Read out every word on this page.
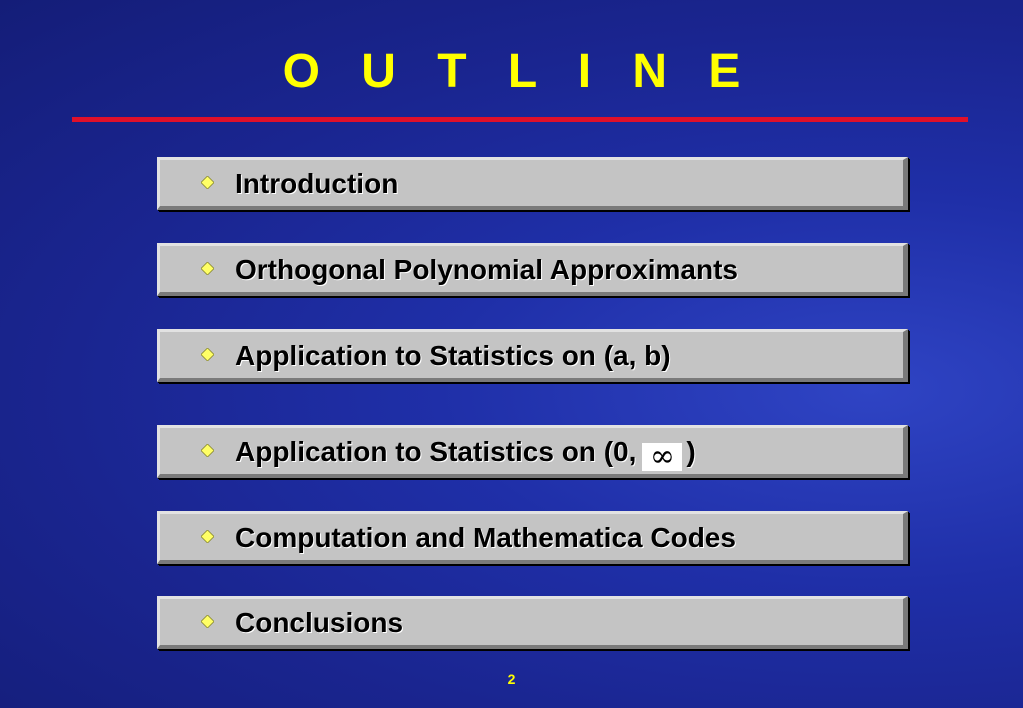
O U T L I N E
Introduction
Orthogonal Polynomial Approximants
Application to Statistics on (a, b)
Application to Statistics on (0, ∞ )
Computation and Mathematica Codes
Conclusions
2
